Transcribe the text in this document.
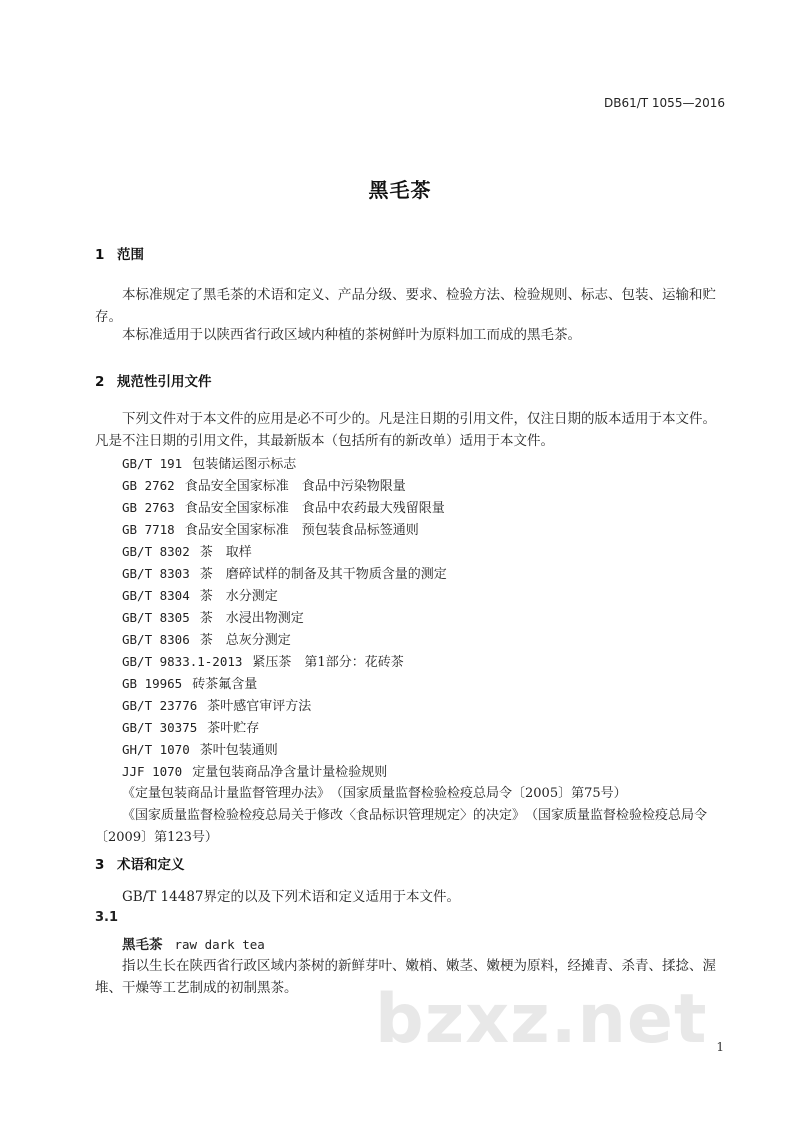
DB61/T 1055—2016
黑毛茶
1 范围
本标准规定了黑毛茶的术语和定义、产品分级、要求、检验方法、检验规则、标志、包装、运输和贮存。
本标准适用于以陕西省行政区域内种植的茶树鲜叶为原料加工而成的黑毛茶。
2 规范性引用文件
下列文件对于本文件的应用是必不可少的。凡是注日期的引用文件，仅注日期的版本适用于本文件。凡是不注日期的引用文件，其最新版本（包括所有的新改单）适用于本文件。
GB/T 191 包装储运图示标志
GB 2762 食品安全国家标准　食品中污染物限量
GB 2763 食品安全国家标准　食品中农药最大残留限量
GB 7718 食品安全国家标准　预包装食品标签通则
GB/T 8302 茶　取样
GB/T 8303 茶　磨碎试样的制备及其干物质含量的测定
GB/T 8304 茶　水分测定
GB/T 8305 茶　水浸出物测定
GB/T 8306 茶　总灰分测定
GB/T 9833.1-2013 紧压茶　第1部分：花砖茶
GB 19965 砖茶氟含量
GB/T 23776 茶叶感官审评方法
GB/T 30375 茶叶贮存
GH/T 1070 茶叶包装通则
JJF 1070 定量包装商品净含量计量检验规则
《定量包装商品计量监督管理办法》　（国家质量监督检验检疫总局令〔2005〕第75号）
《国家质量监督检验检疫总局关于修改〈食品标识管理规定〉的决定》　（国家质量监督检验检疫总局令〔2009〕第123号）
3 术语和定义
GB/T 14487界定的以及下列术语和定义适用于本文件。
3.1
黑毛茶 raw dark tea
指以生长在陕西省行政区域内茶树的新鲜芽叶、嫩梢、嫩茎、嫩梗为原料，经摊青、杀青、揉捻、渥堆、干燥等工艺制成的初制黑茶。	bzxz.net 1
